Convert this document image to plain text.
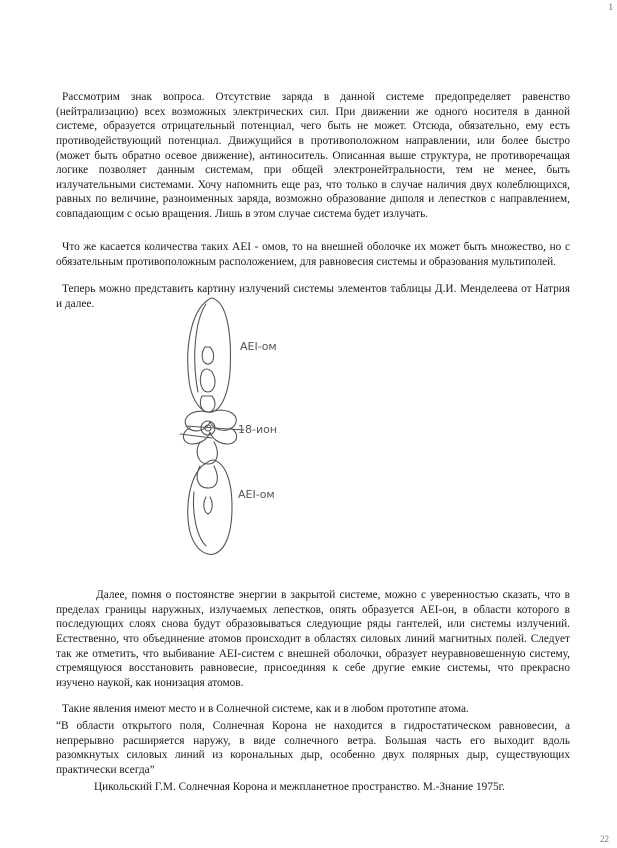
1

Рассмотрим знак вопроса. Отсутствие заряда в данной системе предопределяет равенство (нейтрализацию) всех возможных электрических сил. При движении же одного носителя в данной системе, образуется отрицательный потенциал, чего быть не может. Отсюда, обязательно, ему есть противодействующий потенциал. Движущийся в противоположном направлении, или более быстро (может быть обратно осевое движение), антиноситель. Описанная выше структура, не противоречащая логике позволяет данным системам, при общей электронейтральности, тем не менее, быть излучательными системами. Хочу напомнить еще раз, что только в случае наличия двух колеблющихся, равных по величине, разноименных заряда, возможно образование диполя и лепестков с направлением, совпадающим с осью вращения. Лишь в этом случае система будет излучать.

Что же касается количества таких AEI - омов, то на внешней оболочке их может быть множество, но с обязательным противоположным расположением, для равновесия системы и образования мультиполей.

Теперь можно представить картину излучений системы элементов таблицы Д.И. Менделеева от Натрия и далее.

AEI-ом
18-ион
AEI-ом

Далее, помня о постоянстве энергии в закрытой системе, можно с уверенностью сказать, что в пределах границы наружных, излучаемых лепестков, опять образуется AEI-он, в области которого в последующих слоях снова будут образовываться следующие ряды гантелей, или системы излучений. Естественно, что объединение атомов происходит в областях силовых линий магнитных полей. Следует так же отметить, что выбивание AEI-систем с внешней оболочки, образует неуравновешенную систему, стремящуюся восстановить равновесие, присоединяя к себе другие емкие системы, что прекрасно изучено наукой, как ионизация атомов.

Такие явления имеют место и в Солнечной системе, как и в любом прототипе атома.

“В области открытого поля, Солнечная Корона не находится в гидростатическом равновесии, а непрерывно расширяется наружу, в виде солнечного ветра. Большая часть его выходит вдоль разомкнутых силовых линий из корональных дыр, особенно двух полярных дыр, существующих практически всегда”

Цикольский Г.М. Солнечная Корона и межпланетное пространство. М.-Знание 1975г.

22
